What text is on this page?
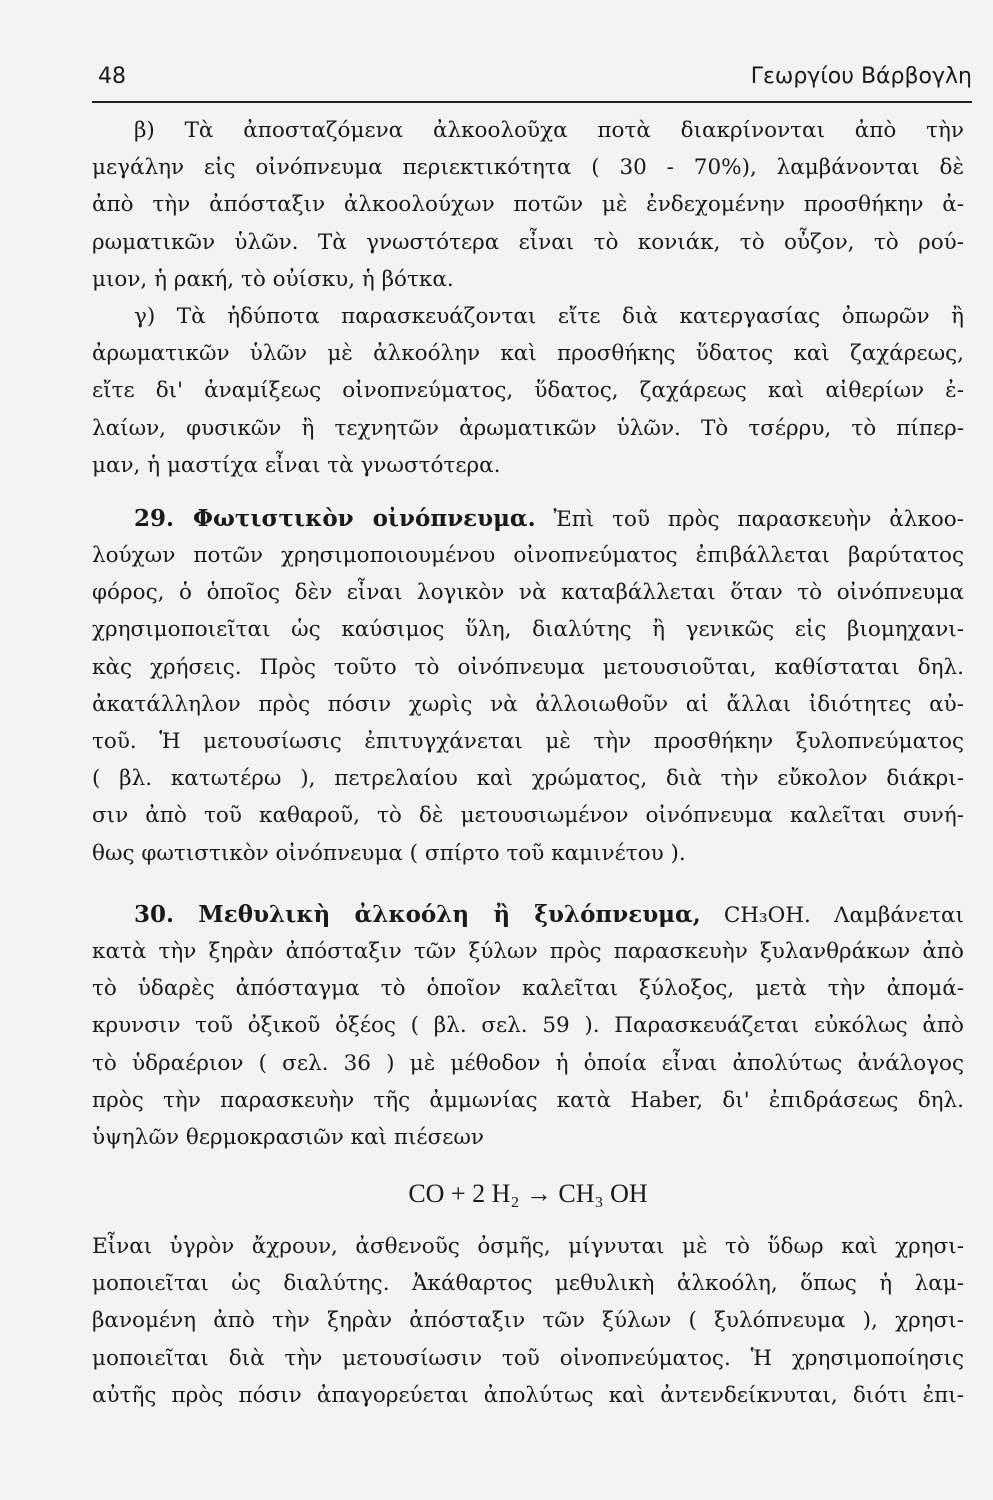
48	Γεωργίου Βάρβογλη
β) Τὰ ἀποσταζόμενα ἀλκοολοῦχα ποτὰ διακρίνονται ἀπὸ τὴν
μεγάλην εἰς οἰνόπνευμα περιεκτικότητα ( 30 - 70%), λαμβάνονται δὲ
ἀπὸ τὴν ἀπόσταξιν ἀλκοολούχων ποτῶν μὲ ἐνδεχομένην προσθήκην ἀ-
ρωματικῶν ὑλῶν. Τὰ γνωστότερα εἶναι τὸ κονιάκ, τὸ οὖζον, τὸ ρού-
μιον, ἡ ρακή, τὸ οὐίσκυ, ἡ βότκα.
γ) Τὰ ἡδύποτα παρασκευάζονται εἴτε διὰ κατεργασίας ὀπωρῶν ἢ
ἀρωματικῶν ὑλῶν μὲ ἀλκοόλην καὶ προσθήκης ὕδατος καὶ ζαχάρεως,
εἴτε δι' ἀναμίξεως οἰνοπνεύματος, ὕδατος, ζαχάρεως καὶ αἰθερίων ἐ-
λαίων, φυσικῶν ἢ τεχνητῶν ἀρωματικῶν ὑλῶν. Τὸ τσέρρυ, τὸ πίπερ-
μαν, ἡ μαστίχα εἶναι τὰ γνωστότερα.
29. Φωτιστικὸν οἰνόπνευμα. Ἐπὶ τοῦ πρὸς παρασκευὴν ἀλκοο-
λούχων ποτῶν χρησιμοποιουμένου οἰνοπνεύματος ἐπιβάλλεται βαρύτατος
φόρος, ὁ ὁποῖος δὲν εἶναι λογικὸν νὰ καταβάλλεται ὅταν τὸ οἰνόπνευμα
χρησιμοποιεῖται ὡς καύσιμος ὕλη, διαλύτης ἢ γενικῶς εἰς βιομηχανι-
κὰς χρήσεις. Πρὸς τοῦτο τὸ οἰνόπνευμα μετουσιοῦται, καθίσταται δηλ.
ἀκατάλληλον πρὸς πόσιν χωρὶς νὰ ἀλλοιωθοῦν αἱ ἄλλαι ἰδιότητες αὐ-
τοῦ. Ἡ μετουσίωσις ἐπιτυγχάνεται μὲ τὴν προσθήκην ξυλοπνεύματος
( βλ. κατωτέρω ), πετρελαίου καὶ χρώματος, διὰ τὴν εὔκολον διάκρι-
σιν ἀπὸ τοῦ καθαροῦ, τὸ δὲ μετουσιωμένον οἰνόπνευμα καλεῖται συνή-
θως φωτιστικὸν οἰνόπνευμα ( σπίρτο τοῦ καμινέτου ).
30. Μεθυλικὴ ἀλκοόλη ἢ ξυλόπνευμα, CH₃OH. Λαμβάνεται
κατὰ τὴν ξηρὰν ἀπόσταξιν τῶν ξύλων πρὸς παρασκευὴν ξυλανθράκων ἀπὸ
τὸ ὑδαρὲς ἀπόσταγμα τὸ ὁποῖον καλεῖται ξύλοξος, μετὰ τὴν ἀπομά-
κρυνσιν τοῦ ὀξικοῦ ὀξέος ( βλ. σελ. 59 ). Παρασκευάζεται εὐκόλως ἀπὸ
τὸ ὑδραέριον ( σελ. 36 ) μὲ μέθοδον ἡ ὁποία εἶναι ἀπολύτως ἀνάλογος
πρὸς τὴν παρασκευὴν τῆς ἀμμωνίας κατὰ Haber, δι' ἐπιδράσεως δηλ.
ὑψηλῶν θερμοκρασιῶν καὶ πιέσεων
CO + 2 H₂ → CH₃ OH
Εἶναι ὑγρὸν ἄχρουν, ἀσθενοῦς ὀσμῆς, μίγνυται μὲ τὸ ὕδωρ καὶ χρησι-
μοποιεῖται ὡς διαλύτης. Ἀκάθαρτος μεθυλικὴ ἀλκοόλη, ὅπως ἡ λαμ-
βανομένη ἀπὸ τὴν ξηρὰν ἀπόσταξιν τῶν ξύλων ( ξυλόπνευμα ), χρησι-
μοποιεῖται διὰ τὴν μετουσίωσιν τοῦ οἰνοπνεύματος. Ἡ χρησιμοποίησις
αὐτῆς πρὸς πόσιν ἀπαγορεύεται ἀπολύτως καὶ ἀντενδείκνυται, διότι ἐπι-
